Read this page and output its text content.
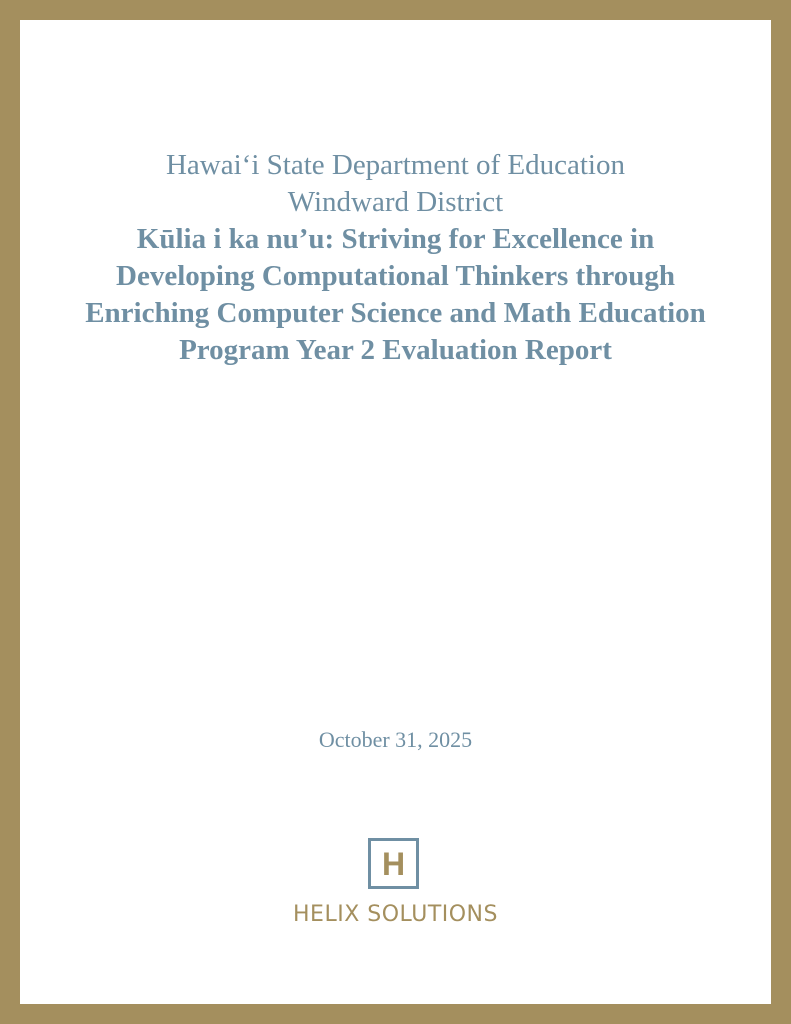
Hawaiʻi State Department of Education

Windward District

Kūlia i ka nu’u: Striving for Excellence in

Developing Computational Thinkers through

Enriching Computer Science and Math Education

Program Year 2 Evaluation Report

October 31, 2025

H

HELIX SOLUTIONS
